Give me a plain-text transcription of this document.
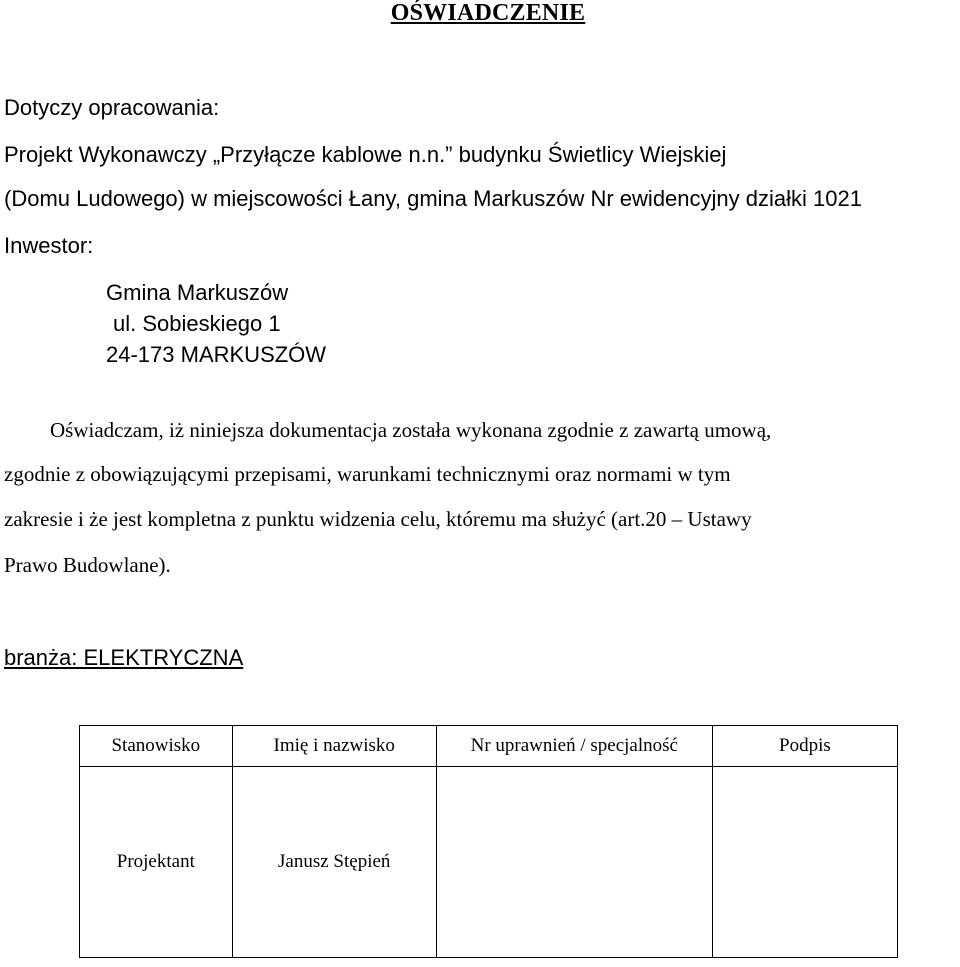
OŚWIADCZENIE
Dotyczy opracowania:
Projekt Wykonawczy „Przyłącze kablowe n.n.” budynku Świetlicy Wiejskiej
(Domu Ludowego) w miejscowości Łany, gmina Markuszów Nr ewidencyjny działki 1021
Inwestor:
Gmina Markuszów
ul. Sobieskiego 1
24-173 MARKUSZÓW
Oświadczam, iż niniejsza dokumentacja została wykonana zgodnie z zawartą umową,
zgodnie z obowiązującymi przepisami, warunkami technicznymi oraz normami w tym
zakresie i że jest kompletna z punktu widzenia celu, któremu ma służyć (art.20 – Ustawy
Prawo Budowlane).
branża: ELEKTRYCZNA
Stanowisko	Imię i nazwisko	Nr uprawnień / specjalność	Podpis
Projektant	Janusz Stępień		
